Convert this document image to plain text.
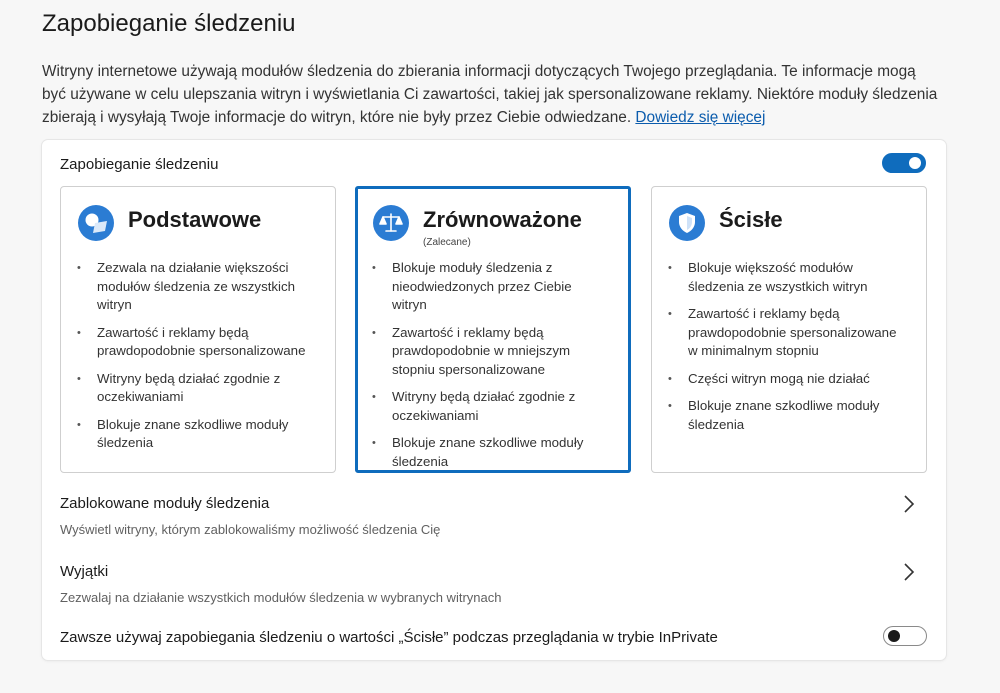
Zapobieganie śledzeniu
Witryny internetowe używają modułów śledzenia do zbierania informacji dotyczących Twojego przeglądania. Te informacje mogą być używane w celu ulepszania witryn i wyświetlania Ci zawartości, takiej jak spersonalizowane reklamy. Niektóre moduły śledzenia zbierają i wysyłają Twoje informacje do witryn, które nie były przez Ciebie odwiedzane. Dowiedz się więcej
Zapobieganie śledzeniu
Podstawowe
• Zezwala na działanie większości modułów śledzenia ze wszystkich witryn
• Zawartość i reklamy będą prawdopodobnie spersonalizowane
• Witryny będą działać zgodnie z oczekiwaniami
• Blokuje znane szkodliwe moduły śledzenia
Zrównoważone
(Zalecane)
• Blokuje moduły śledzenia z nieodwiedzonych przez Ciebie witryn
• Zawartość i reklamy będą prawdopodobnie w mniejszym stopniu spersonalizowane
• Witryny będą działać zgodnie z oczekiwaniami
• Blokuje znane szkodliwe moduły śledzenia
Ścisłe
• Blokuje większość modułów śledzenia ze wszystkich witryn
• Zawartość i reklamy będą prawdopodobnie spersonalizowane w minimalnym stopniu
• Części witryn mogą nie działać
• Blokuje znane szkodliwe moduły śledzenia
Zablokowane moduły śledzenia
Wyświetl witryny, którym zablokowaliśmy możliwość śledzenia Cię
Wyjątki
Zezwalaj na działanie wszystkich modułów śledzenia w wybranych witrynach
Zawsze używaj zapobiegania śledzeniu o wartości „Ścisłe” podczas przeglądania w trybie InPrivate
